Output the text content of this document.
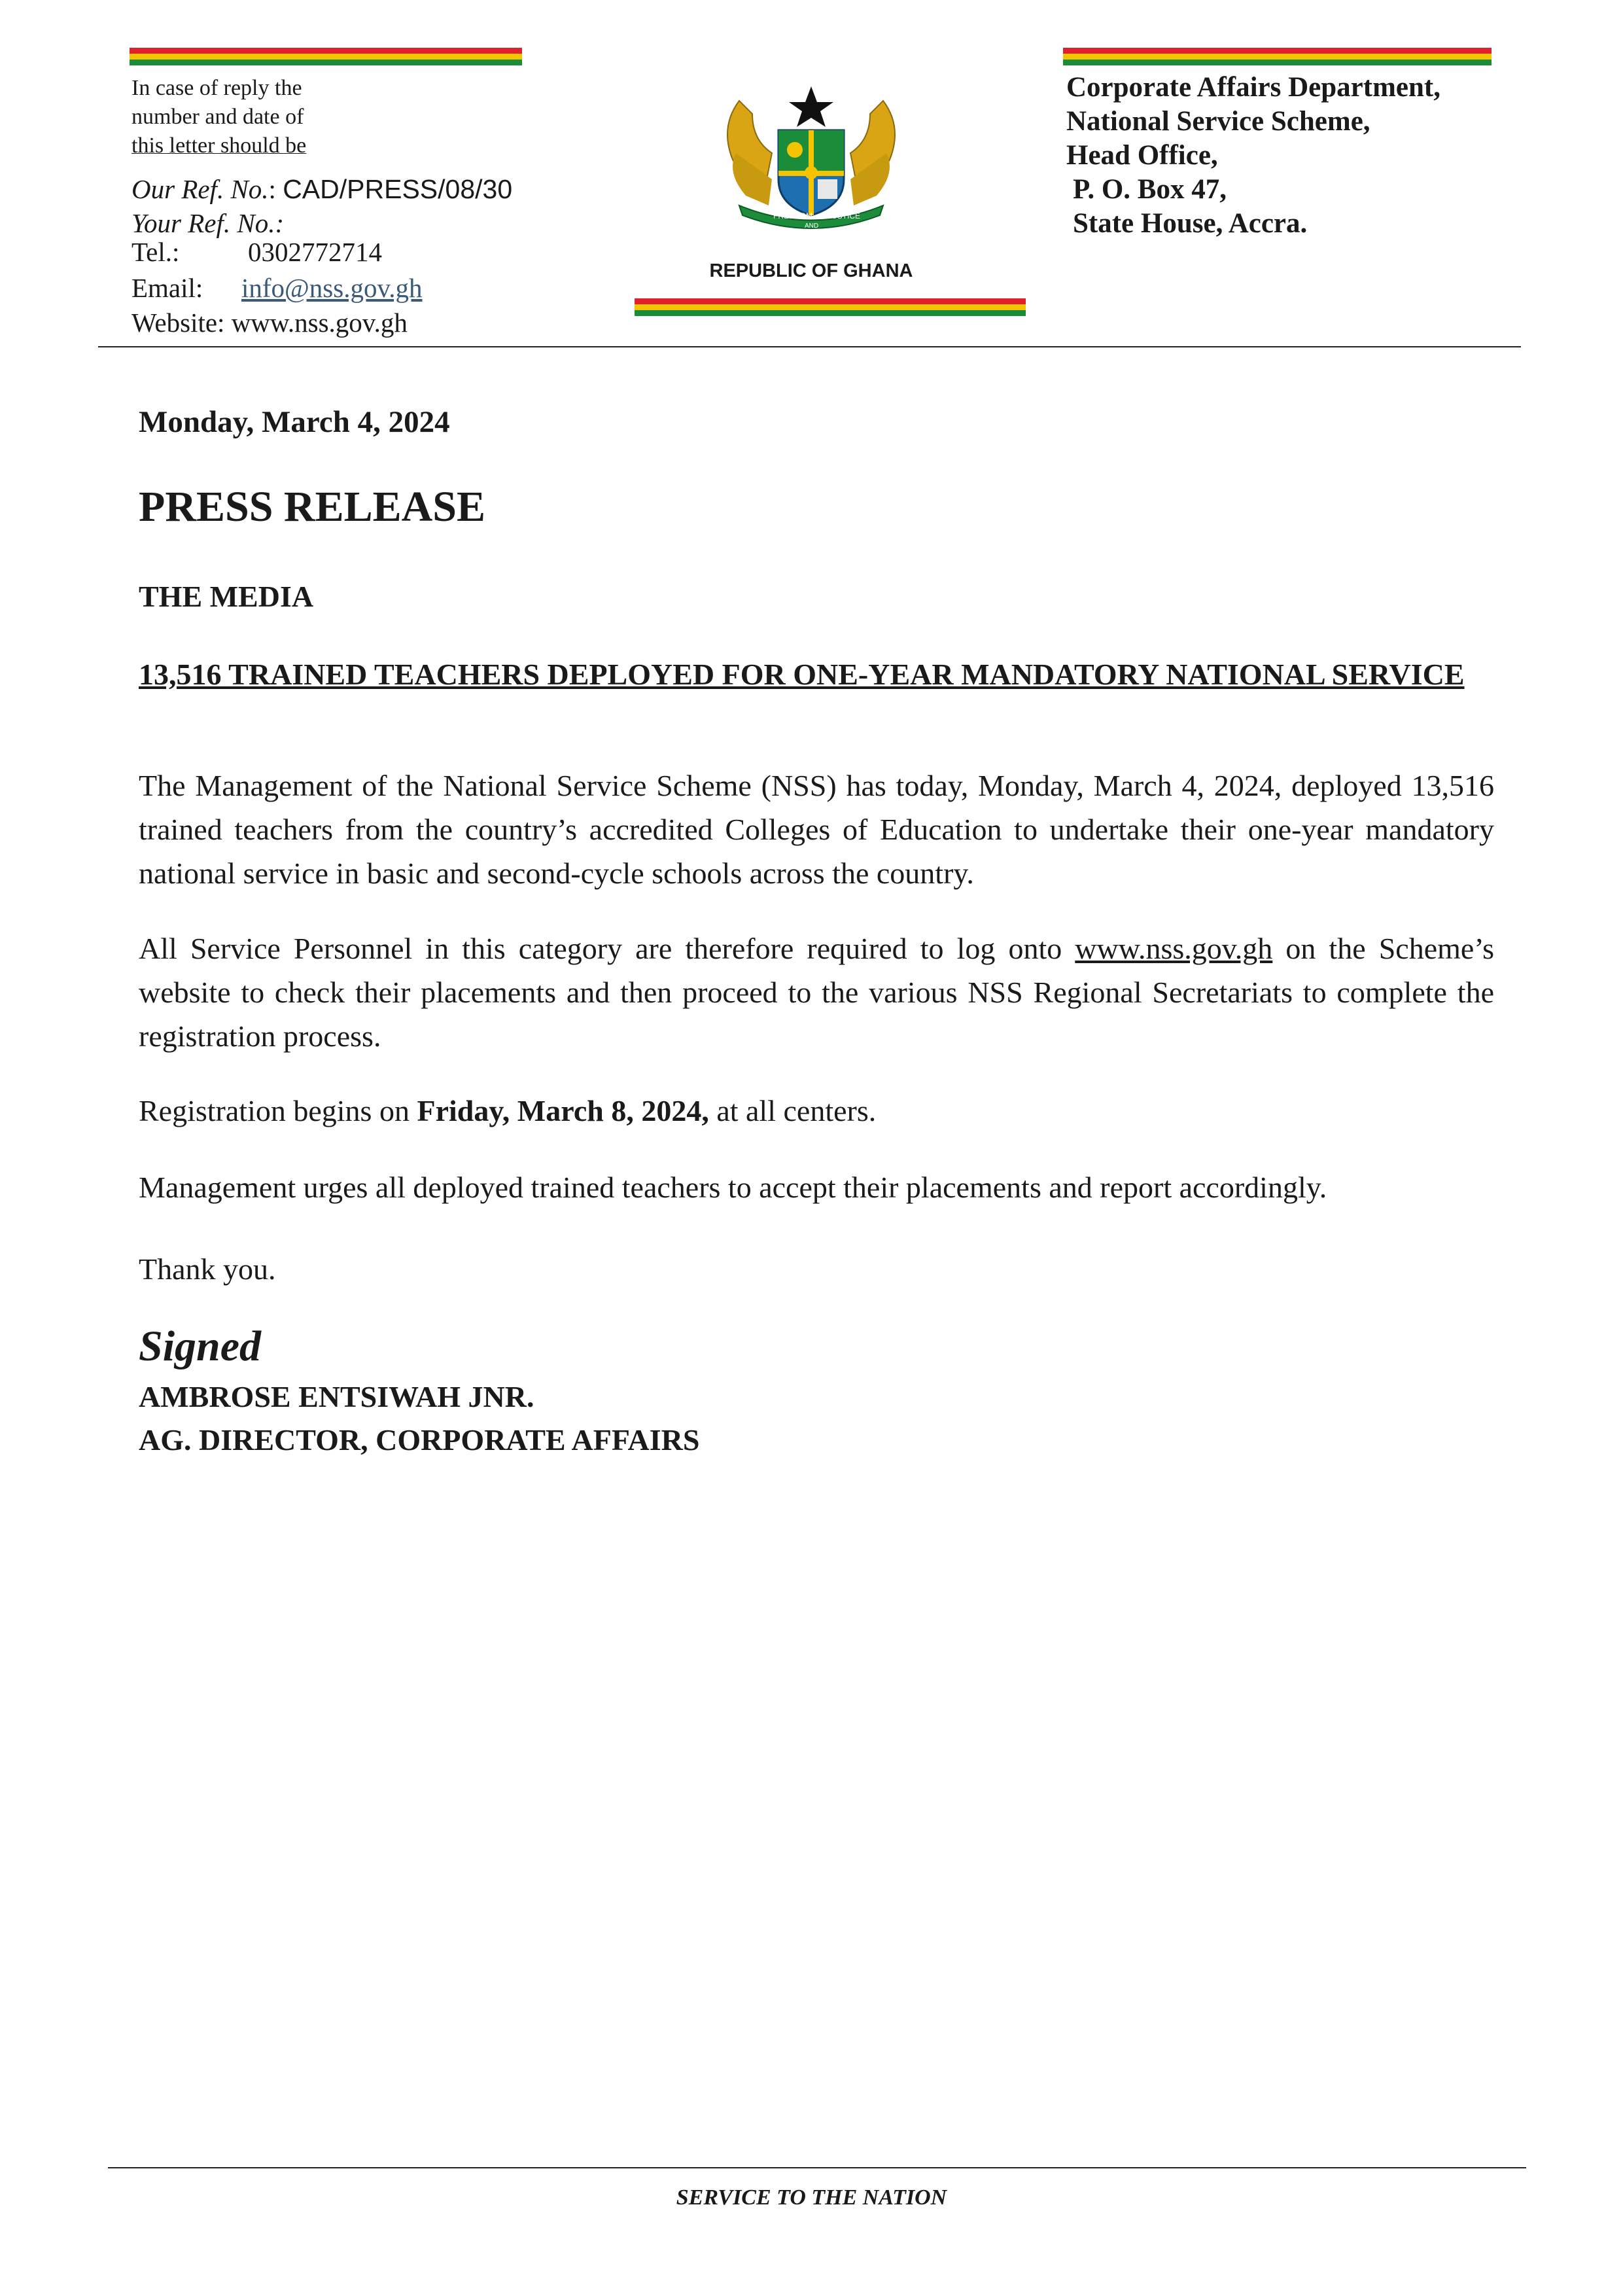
In case of reply the
number and date of
this letter should be
Our Ref. No.: CAD/PRESS/08/30
Your Ref. No.:
Tel.:	0302772714
Email: info@nss.gov.gh
Website: www.nss.gov.gh
FREEDOM
AND
JUSTICE
REPUBLIC OF GHANA
Corporate Affairs Department,
National Service Scheme,
Head Office,
P. O. Box 47,
State House, Accra.
Monday, March 4, 2024
PRESS RELEASE
THE MEDIA
13,516 TRAINED TEACHERS DEPLOYED FOR ONE-YEAR MANDATORY NATIONAL SERVICE
The Management of the National Service Scheme (NSS) has today, Monday, March 4, 2024, deployed 13,516 trained teachers from the country’s accredited Colleges of Education to undertake their one-year mandatory national service in basic and second-cycle schools across the country.
All Service Personnel in this category are therefore required to log onto www.nss.gov.gh on the Scheme’s website to check their placements and then proceed to the various NSS Regional Secretariats to complete the registration process.
Registration begins on Friday, March 8, 2024, at all centers.
Management urges all deployed trained teachers to accept their placements and report accordingly.
Thank you.
Signed
AMBROSE ENTSIWAH JNR.
AG. DIRECTOR, CORPORATE AFFAIRS
SERVICE TO THE NATION
